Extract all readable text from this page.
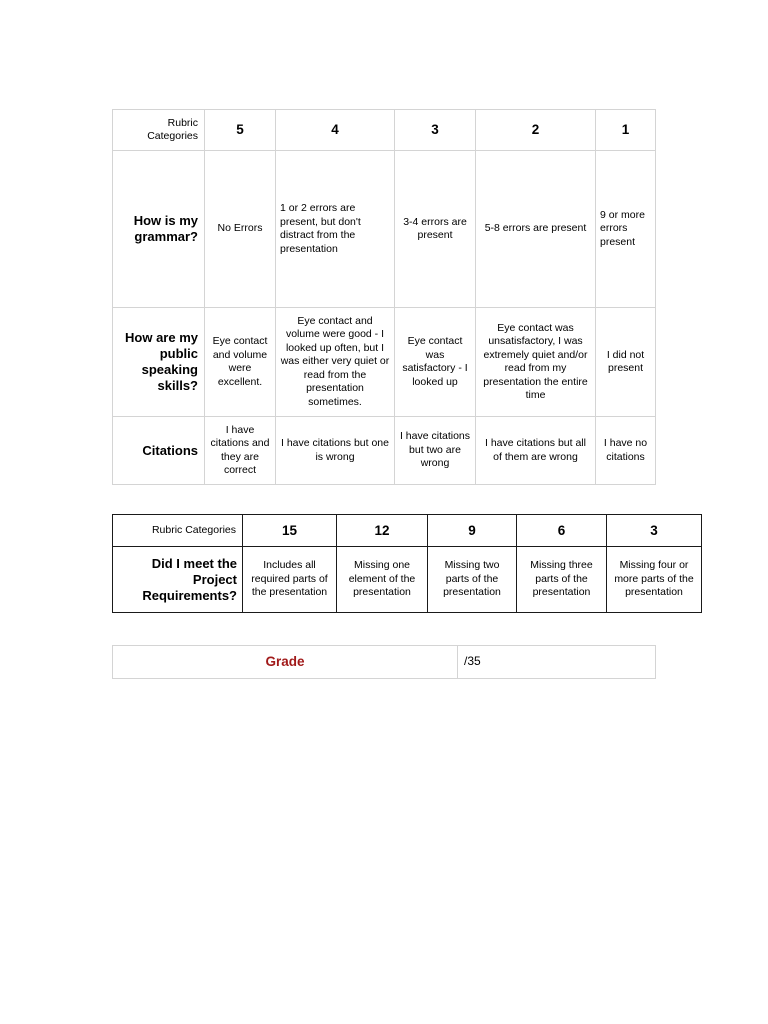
Rubric Categories	5	4	3	2	1
How is my grammar?	No Errors	1 or 2 errors are present, but don't distract from the presentation	3-4 errors are present	5-8 errors are present	9 or more errors present
How are my public speaking skills?	Eye contact and volume were excellent.	Eye contact and volume were good - I looked up often, but I was either very quiet or read from the presentation sometimes.	Eye contact was satisfactory - I looked up	Eye contact was unsatisfactory, I was extremely quiet and/or read from my presentation the entire time	I did not present
Citations	I have citations and they are correct	I have citations but one is wrong	I have citations but two are wrong	I have citations but all of them are wrong	I have no citations
Rubric Categories	15	12	9	6	3
Did I meet the Project Requirements?	Includes all required parts of the presentation	Missing one element of the presentation	Missing two parts of the presentation	Missing three parts of the presentation	Missing four or more parts of the presentation
Grade	/35
